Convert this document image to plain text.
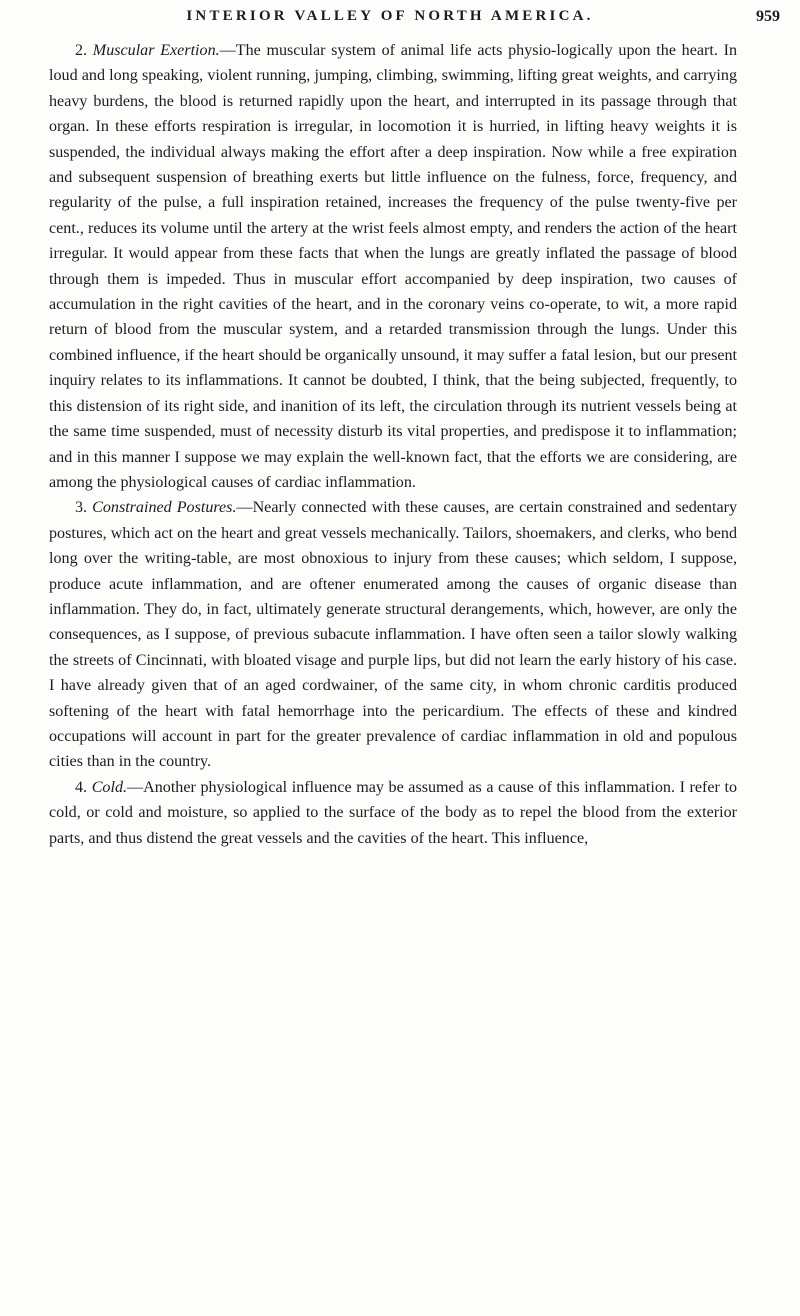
INTERIOR VALLEY OF NORTH AMERICA.	959

2. Muscular Exertion.—The muscular system of animal life acts physio-logically upon the heart. In loud and long speaking, violent running, jumping, climbing, swimming, lifting great weights, and carrying heavy burdens, the blood is returned rapidly upon the heart, and interrupted in its passage through that organ. In these efforts respiration is irregular, in locomotion it is hurried, in lifting heavy weights it is suspended, the individual always making the effort after a deep inspiration. Now while a free expiration and subsequent suspension of breathing exerts but little influence on the fulness, force, frequency, and regularity of the pulse, a full inspiration retained, increases the frequency of the pulse twenty-five per cent., reduces its volume until the artery at the wrist feels almost empty, and renders the action of the heart irregular. It would appear from these facts that when the lungs are greatly inflated the passage of blood through them is impeded. Thus in muscular effort accompanied by deep inspiration, two causes of accumulation in the right cavities of the heart, and in the coronary veins co-operate, to wit, a more rapid return of blood from the muscular system, and a retarded transmission through the lungs. Under this combined influence, if the heart should be organically unsound, it may suffer a fatal lesion, but our present inquiry relates to its inflammations. It cannot be doubted, I think, that the being subjected, frequently, to this distension of its right side, and inanition of its left, the circulation through its nutrient vessels being at the same time suspended, must of necessity disturb its vital properties, and predispose it to inflammation; and in this manner I suppose we may explain the well-known fact, that the efforts we are considering, are among the physiological causes of cardiac inflammation.

3. Constrained Postures.—Nearly connected with these causes, are certain constrained and sedentary postures, which act on the heart and great vessels mechanically. Tailors, shoemakers, and clerks, who bend long over the writing-table, are most obnoxious to injury from these causes; which seldom, I suppose, produce acute inflammation, and are oftener enumerated among the causes of organic disease than inflammation. They do, in fact, ultimately generate structural derangements, which, however, are only the consequences, as I suppose, of previous subacute inflammation. I have often seen a tailor slowly walking the streets of Cincinnati, with bloated visage and purple lips, but did not learn the early history of his case. I have already given that of an aged cordwainer, of the same city, in whom chronic carditis produced softening of the heart with fatal hemorrhage into the pericardium. The effects of these and kindred occupations will account in part for the greater prevalence of cardiac inflammation in old and populous cities than in the country.

4. Cold.—Another physiological influence may be assumed as a cause of this inflammation. I refer to cold, or cold and moisture, so applied to the surface of the body as to repel the blood from the exterior parts, and thus distend the great vessels and the cavities of the heart. This influence,
